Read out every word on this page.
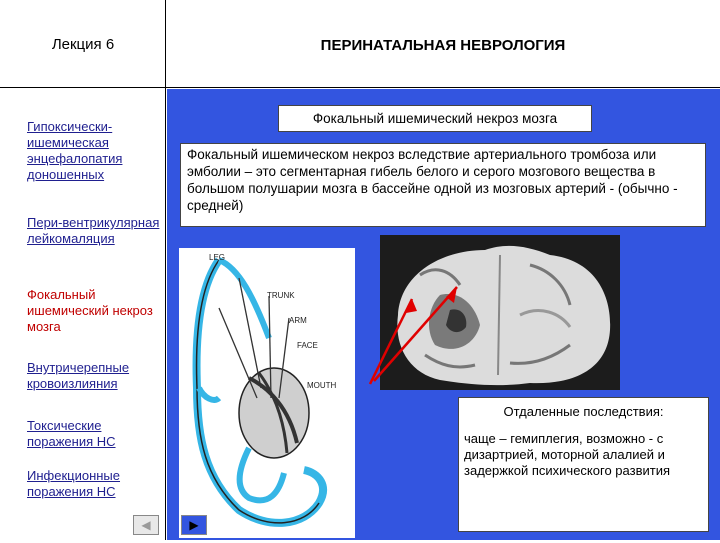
Лекция 6	ПЕРИНАТАЛЬНАЯ НЕВРОЛОГИЯ
Гипоксически-ишемическая энцефалопатия доношенных
Пери-вентрикулярная лейкомаляция
Фокальный ишемический некроз мозга
Внутричерепные кровоизлияния
Токсические поражения НС
Инфекционные поражения НС
Фокальный ишемический некроз мозга
Фокальный ишемическом некроз вследствие артериального тромбоза или эмболии – это сегментарная гибель белого и серого мозгового вещества в большом полушарии мозга в бассейне одной из мозговых артерий - (обычно - средней)
LEG
TRUNK
ARM
FACE
MOUTH
Отдаленные последствия:
чаще – гемиплегия, возможно - с дизартрией, моторной алалией и задержкой психического развития
◀	▶
